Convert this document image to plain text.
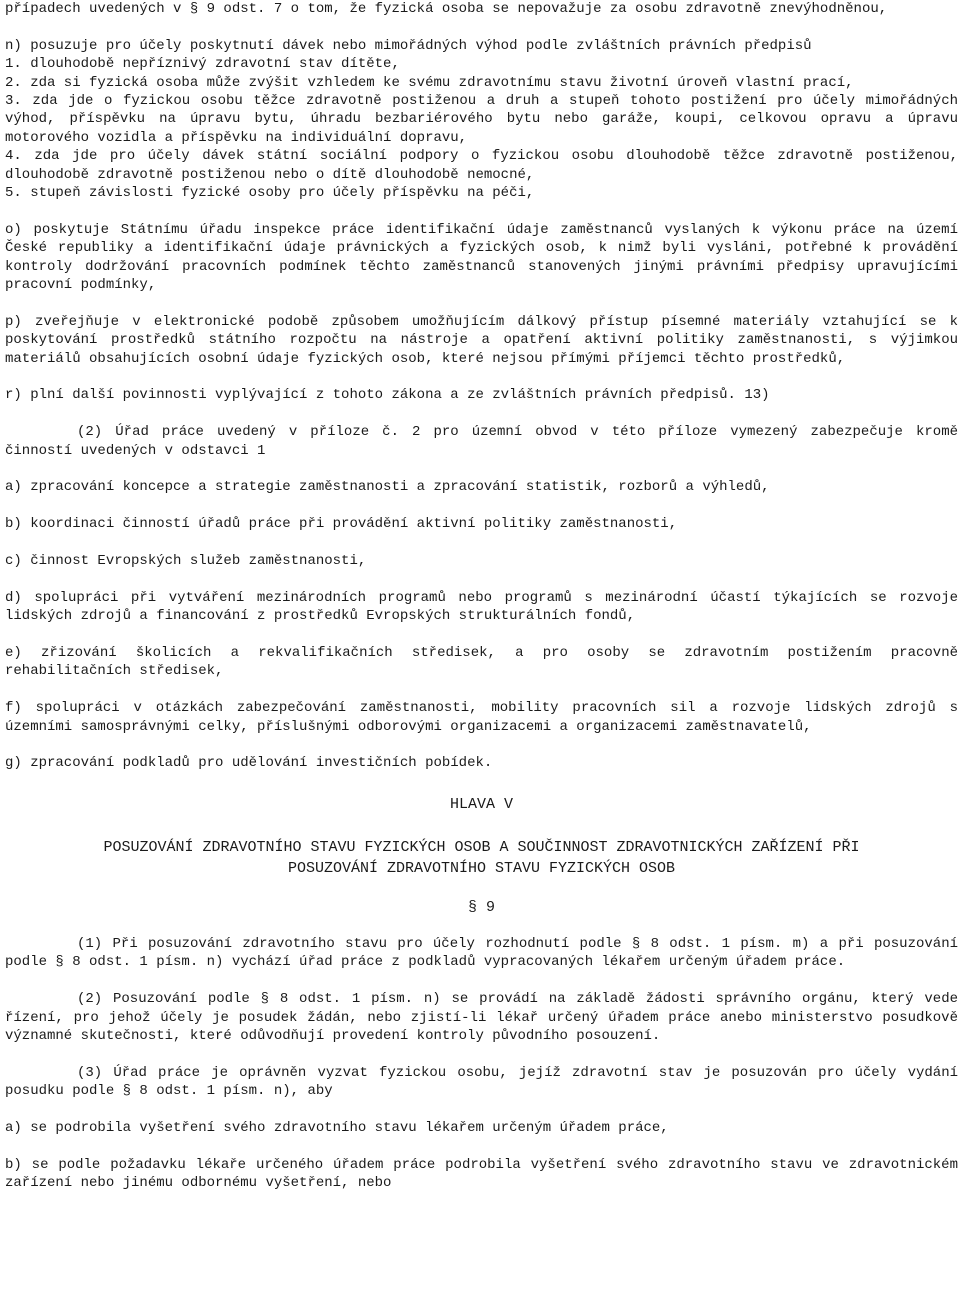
případech uvedených v § 9 odst. 7 o tom, že fyzická osoba se nepovažuje za osobu zdravotně znevýhodněnou,

n) posuzuje pro účely poskytnutí dávek nebo mimořádných výhod podle zvláštních právních předpisů

1. dlouhodobě nepříznivý zdravotní stav dítěte,

2. zda si fyzická osoba může zvýšit vzhledem ke svému zdravotnímu stavu životní úroveň vlastní prací,

3. zda jde o fyzickou osobu těžce zdravotně postiženou a druh a stupeň tohoto postižení pro účely mimořádných výhod, příspěvku na úpravu bytu, úhradu bezbariérového bytu nebo garáže, koupi, celkovou opravu a úpravu motorového vozidla a příspěvku na individuální dopravu,

4. zda jde pro účely dávek státní sociální podpory o fyzickou osobu dlouhodobě těžce zdravotně postiženou, dlouhodobě zdravotně postiženou nebo o dítě dlouhodobě nemocné,

5. stupeň závislosti fyzické osoby pro účely příspěvku na péči,

o) poskytuje Státnímu úřadu inspekce práce identifikační údaje zaměstnanců vyslaných k výkonu práce na území České republiky a identifikační údaje právnických a fyzických osob, k nimž byli vysláni, potřebné k provádění kontroly dodržování pracovních podmínek těchto zaměstnanců stanovených jinými právními předpisy upravujícími pracovní podmínky,

p) zveřejňuje v elektronické podobě způsobem umožňujícím dálkový přístup písemné materiály vztahující se k poskytování prostředků státního rozpočtu na nástroje a opatření aktivní politiky zaměstnanosti, s výjimkou materiálů obsahujících osobní údaje fyzických osob, které nejsou přímými příjemci těchto prostředků,

r) plní další povinnosti vyplývající z tohoto zákona a ze zvláštních právních předpisů. 13)

(2) Úřad práce uvedený v příloze č. 2 pro územní obvod v této příloze vymezený zabezpečuje kromě činností uvedených v odstavci 1

a) zpracování koncepce a strategie zaměstnanosti a zpracování statistik, rozborů a výhledů,

b) koordinaci činností úřadů práce při provádění aktivní politiky zaměstnanosti,

c) činnost Evropských služeb zaměstnanosti,

d) spolupráci při vytváření mezinárodních programů nebo programů s mezinárodní účastí týkajících se rozvoje lidských zdrojů a financování z prostředků Evropských strukturálních fondů,

e) zřizování školicích a rekvalifikačních středisek, a pro osoby se zdravotním postižením pracovně rehabilitačních středisek,

f) spolupráci v otázkách zabezpečování zaměstnanosti, mobility pracovních sil a rozvoje lidských zdrojů s územními samosprávnými celky, příslušnými odborovými organizacemi a organizacemi zaměstnavatelů,

g) zpracování podkladů pro udělování investičních pobídek.

HLAVA V

POSUZOVÁNÍ ZDRAVOTNÍHO STAVU FYZICKÝCH OSOB A SOUČINNOST ZDRAVOTNICKÝCH ZAŘÍZENÍ PŘI
POSUZOVÁNÍ ZDRAVOTNÍHO STAVU FYZICKÝCH OSOB

§ 9

(1) Při posuzování zdravotního stavu pro účely rozhodnutí podle § 8 odst. 1 písm. m) a při posuzování podle § 8 odst. 1 písm. n) vychází úřad práce z podkladů vypracovaných lékařem určeným úřadem práce.

(2) Posuzování podle § 8 odst. 1 písm. n) se provádí na základě žádosti správního orgánu, který vede řízení, pro jehož účely je posudek žádán, nebo zjistí-li lékař určený úřadem práce anebo ministerstvo posudkově významné skutečnosti, které odůvodňují provedení kontroly původního posouzení.

(3) Úřad práce je oprávněn vyzvat fyzickou osobu, jejíž zdravotní stav je posuzován pro účely vydání posudku podle § 8 odst. 1 písm. n), aby

a) se podrobila vyšetření svého zdravotního stavu lékařem určeným úřadem práce,

b) se podle požadavku lékaře určeného úřadem práce podrobila vyšetření svého zdravotního stavu ve zdravotnickém zařízení nebo jinému odbornému vyšetření, nebo
